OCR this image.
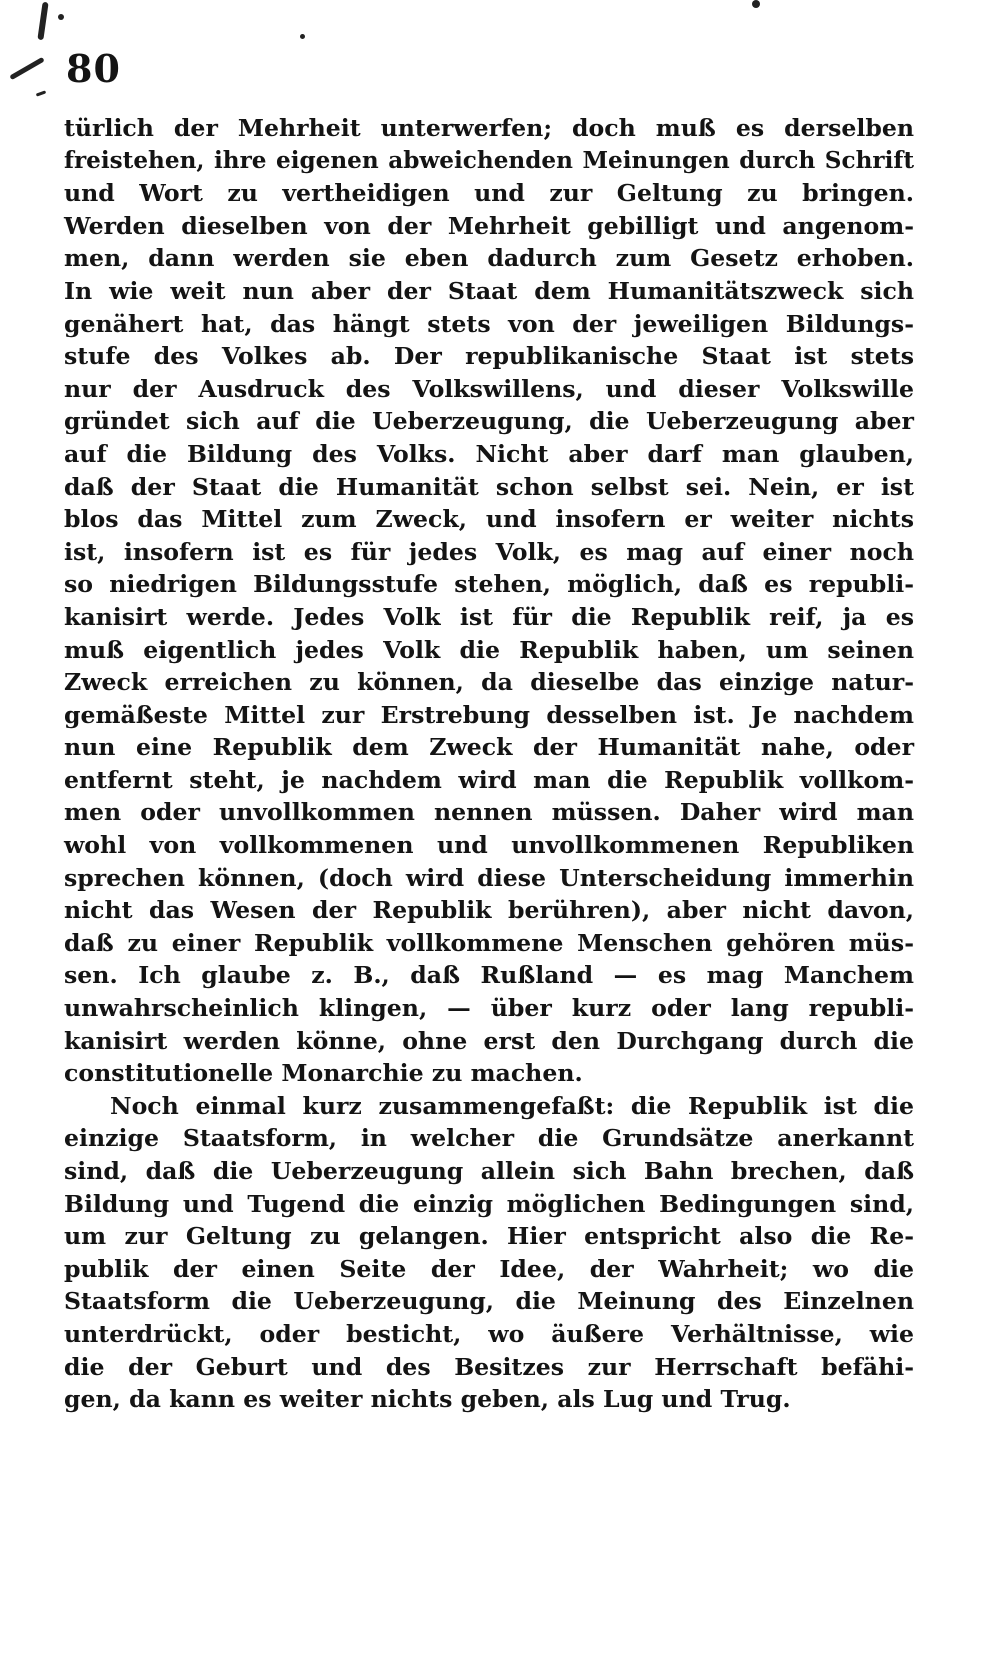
80

türlich der Mehrheit unterwerfen; doch muß es derselben
freistehen, ihre eigenen abweichenden Meinungen durch Schrift
und Wort zu vertheidigen und zur Geltung zu bringen.
Werden dieselben von der Mehrheit gebilligt und angenom-
men, dann werden sie eben dadurch zum Gesetz erhoben.
In wie weit nun aber der Staat dem Humanitätszweck sich
genähert hat, das hängt stets von der jeweiligen Bildungs-
stufe des Volkes ab. Der republikanische Staat ist stets
nur der Ausdruck des Volkswillens, und dieser Volkswille
gründet sich auf die Ueberzeugung, die Ueberzeugung aber
auf die Bildung des Volks. Nicht aber darf man glauben,
daß der Staat die Humanität schon selbst sei. Nein, er ist
blos das Mittel zum Zweck, und insofern er weiter nichts
ist, insofern ist es für jedes Volk, es mag auf einer noch
so niedrigen Bildungsstufe stehen, möglich, daß es republi-
kanisirt werde. Jedes Volk ist für die Republik reif, ja es
muß eigentlich jedes Volk die Republik haben, um seinen
Zweck erreichen zu können, da dieselbe das einzige natur-
gemäßeste Mittel zur Erstrebung desselben ist. Je nachdem
nun eine Republik dem Zweck der Humanität nahe, oder
entfernt steht, je nachdem wird man die Republik vollkom-
men oder unvollkommen nennen müssen. Daher wird man
wohl von vollkommenen und unvollkommenen Republiken
sprechen können, (doch wird diese Unterscheidung immerhin
nicht das Wesen der Republik berühren), aber nicht davon,
daß zu einer Republik vollkommene Menschen gehören müs-
sen. Ich glaube z. B., daß Rußland — es mag Manchem
unwahrscheinlich klingen, — über kurz oder lang republi-
kanisirt werden könne, ohne erst den Durchgang durch die
constitutionelle Monarchie zu machen.

Noch einmal kurz zusammengefaßt: die Republik ist die
einzige Staatsform, in welcher die Grundsätze anerkannt
sind, daß die Ueberzeugung allein sich Bahn brechen, daß
Bildung und Tugend die einzig möglichen Bedingungen sind,
um zur Geltung zu gelangen. Hier entspricht also die Re-
publik der einen Seite der Idee, der Wahrheit; wo die
Staatsform die Ueberzeugung, die Meinung des Einzelnen
unterdrückt, oder besticht, wo äußere Verhältnisse, wie
die der Geburt und des Besitzes zur Herrschaft befähi-
gen, da kann es weiter nichts geben, als Lug und Trug.
